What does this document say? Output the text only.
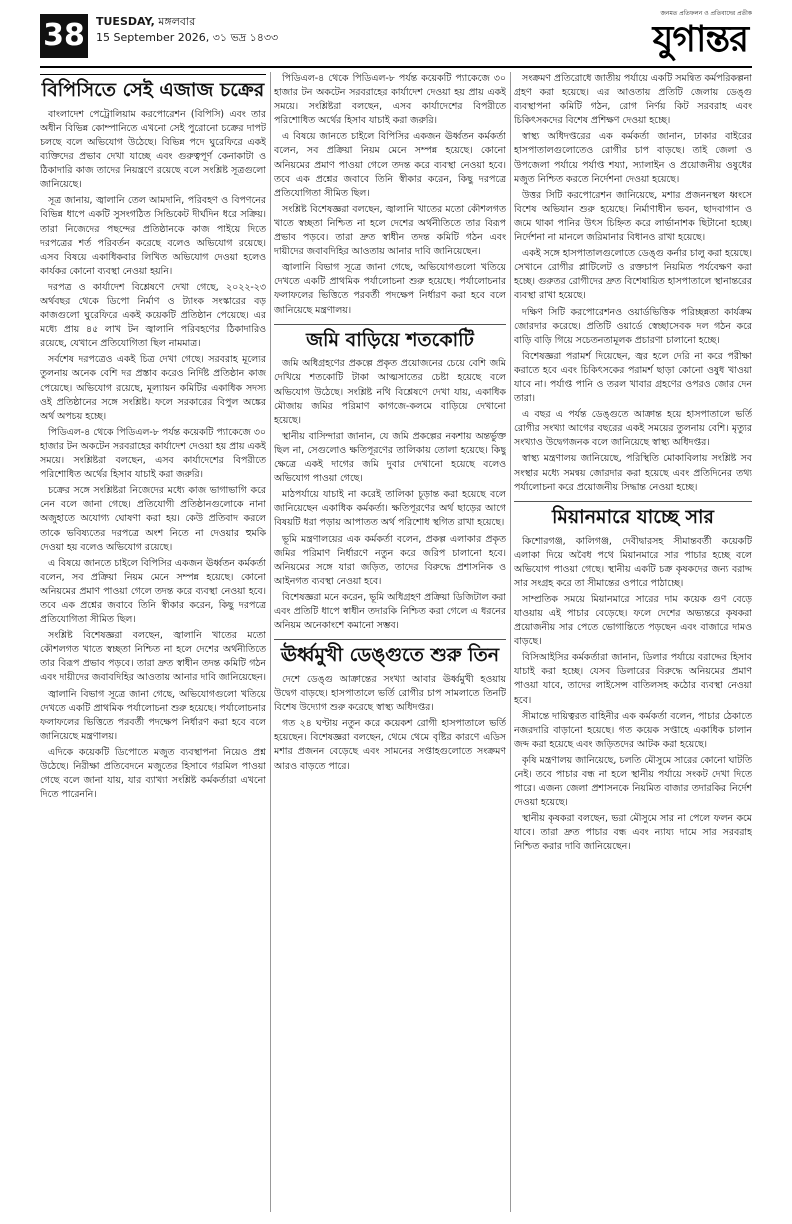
38 TUESDAY, মঙ্গলবার
15 September 2026, ৩১ ভদ্র ১৪৩৩
জনমত প্রতিফলন ও প্রতিবাদের প্রতীক
যুগান্তর
বিপিসিতে সেই এজাজ চক্রের

বাংলাদেশ পেট্রোলিয়াম করপোরেশন (বিপিসি) এবং তার অধীন বিভিন্ন কোম্পানিতে এখনো সেই পুরোনো চক্রের দাপট চলছে বলে অভিযোগ উঠেছে। বিভিন্ন পদে ঘুরেফিরে একই ব্যক্তিদের প্রভাব দেখা যাচ্ছে এবং গুরুত্বপূর্ণ কেনাকাটা ও ঠিকাদারি কাজ তাদের নিয়ন্ত্রণে রয়েছে বলে সংশ্লিষ্ট সূত্রগুলো জানিয়েছে।

সূত্র জানায়, জ্বালানি তেল আমদানি, পরিবহণ ও বিপণনের বিভিন্ন ধাপে একটি সুসংগঠিত সিন্ডিকেট দীর্ঘদিন ধরে সক্রিয়। তারা নিজেদের পছন্দের প্রতিষ্ঠানকে কাজ পাইয়ে দিতে দরপত্রের শর্ত পরিবর্তন করেছে বলেও অভিযোগ রয়েছে। এসব বিষয়ে একাধিকবার লিখিত অভিযোগ দেওয়া হলেও কার্যকর কোনো ব্যবস্থা নেওয়া হয়নি।

দরপত্র ও কার্যাদেশ বিশ্লেষণে দেখা গেছে, ২০২২-২৩ অর্থবছর থেকে ডিপো নির্মাণ ও ট্যাংক সংস্কারের বড় কাজগুলো ঘুরেফিরে একই কয়েকটি প্রতিষ্ঠান পেয়েছে। এর মধ্যে প্রায় ৪৫ লাখ টন জ্বালানি পরিবহণের ঠিকাদারিও রয়েছে, যেখানে প্রতিযোগিতা ছিল নামমাত্র।

সর্বশেষ দরপত্রেও একই চিত্র দেখা গেছে। সরবরাহ মূল্যের তুলনায় অনেক বেশি দর প্রস্তাব করেও নির্দিষ্ট প্রতিষ্ঠান কাজ পেয়েছে। অভিযোগ রয়েছে, মূল্যায়ন কমিটির একাধিক সদস্য ওই প্রতিষ্ঠানের সঙ্গে সংশ্লিষ্ট। ফলে সরকারের বিপুল অঙ্কের অর্থ অপচয় হচ্ছে।

পিডিএল-৪ থেকে পিডিএল-৮ পর্যন্ত কয়েকটি প্যাকেজে ৩০ হাজার টন অকটেন সরবরাহের কার্যাদেশ দেওয়া হয় প্রায় একই সময়ে। সংশ্লিষ্টরা বলছেন, এসব কার্যাদেশের বিপরীতে পরিশোধিত অর্থের হিসাব যাচাই করা জরুরি।

চক্রের সঙ্গে সংশ্লিষ্টরা নিজেদের মধ্যে কাজ ভাগাভাগি করে নেন বলে জানা গেছে। প্রতিযোগী প্রতিষ্ঠানগুলোকে নানা অজুহাতে অযোগ্য ঘোষণা করা হয়। কেউ প্রতিবাদ করলে তাকে ভবিষ্যতের দরপত্রে অংশ নিতে না দেওয়ার হুমকি দেওয়া হয় বলেও অভিযোগ রয়েছে।

এ বিষয়ে জানতে চাইলে বিপিসির একজন ঊর্ধ্বতন কর্মকর্তা বলেন, সব প্রক্রিয়া নিয়ম মেনে সম্পন্ন হয়েছে। কোনো অনিয়মের প্রমাণ পাওয়া গেলে তদন্ত করে ব্যবস্থা নেওয়া হবে। তবে এক প্রশ্নের জবাবে তিনি স্বীকার করেন, কিছু দরপত্রে প্রতিযোগিতা সীমিত ছিল।

সংশ্লিষ্ট বিশেষজ্ঞরা বলছেন, জ্বালানি খাতের মতো কৌশলগত খাতে স্বচ্ছতা নিশ্চিত না হলে দেশের অর্থনীতিতে তার বিরূপ প্রভাব পড়বে। তারা দ্রুত স্বাধীন তদন্ত কমিটি গঠন এবং দায়ীদের জবাবদিহির আওতায় আনার দাবি জানিয়েছেন।

জ্বালানি বিভাগ সূত্রে জানা গেছে, অভিযোগগুলো খতিয়ে দেখতে একটি প্রাথমিক পর্যালোচনা শুরু হয়েছে। পর্যালোচনার ফলাফলের ভিত্তিতে পরবর্তী পদক্ষেপ নির্ধারণ করা হবে বলে জানিয়েছে মন্ত্রণালয়।

এদিকে কয়েকটি ডিপোতে মজুত ব্যবস্থাপনা নিয়েও প্রশ্ন উঠেছে। নিরীক্ষা প্রতিবেদনে মজুতের হিসাবে গরমিল পাওয়া গেছে বলে জানা যায়, যার ব্যাখ্যা সংশ্লিষ্ট কর্মকর্তারা এখনো দিতে পারেননি।

পিডিএল-৪ থেকে পিডিএল-৮ পর্যন্ত কয়েকটি প্যাকেজে ৩০ হাজার টন অকটেন সরবরাহের কার্যাদেশ দেওয়া হয় প্রায় একই সময়ে। সংশ্লিষ্টরা বলছেন, এসব কার্যাদেশের বিপরীতে পরিশোধিত অর্থের হিসাব যাচাই করা জরুরি।

এ বিষয়ে জানতে চাইলে বিপিসির একজন ঊর্ধ্বতন কর্মকর্তা বলেন, সব প্রক্রিয়া নিয়ম মেনে সম্পন্ন হয়েছে। কোনো অনিয়মের প্রমাণ পাওয়া গেলে তদন্ত করে ব্যবস্থা নেওয়া হবে। তবে এক প্রশ্নের জবাবে তিনি স্বীকার করেন, কিছু দরপত্রে প্রতিযোগিতা সীমিত ছিল।

সংশ্লিষ্ট বিশেষজ্ঞরা বলছেন, জ্বালানি খাতের মতো কৌশলগত খাতে স্বচ্ছতা নিশ্চিত না হলে দেশের অর্থনীতিতে তার বিরূপ প্রভাব পড়বে। তারা দ্রুত স্বাধীন তদন্ত কমিটি গঠন এবং দায়ীদের জবাবদিহির আওতায় আনার দাবি জানিয়েছেন।

জ্বালানি বিভাগ সূত্রে জানা গেছে, অভিযোগগুলো খতিয়ে দেখতে একটি প্রাথমিক পর্যালোচনা শুরু হয়েছে। পর্যালোচনার ফলাফলের ভিত্তিতে পরবর্তী পদক্ষেপ নির্ধারণ করা হবে বলে জানিয়েছে মন্ত্রণালয়।

জমি বাড়িয়ে শতকোটি

জমি অধিগ্রহণের প্রকল্পে প্রকৃত প্রয়োজনের চেয়ে বেশি জমি দেখিয়ে শতকোটি টাকা আত্মসাতের চেষ্টা হয়েছে বলে অভিযোগ উঠেছে। সংশ্লিষ্ট নথি বিশ্লেষণে দেখা যায়, একাধিক মৌজায় জমির পরিমাণ কাগজে-কলমে বাড়িয়ে দেখানো হয়েছে।

স্থানীয় বাসিন্দারা জানান, যে জমি প্রকল্পের নকশায় অন্তর্ভুক্ত ছিল না, সেগুলোও ক্ষতিপূরণের তালিকায় তোলা হয়েছে। কিছু ক্ষেত্রে একই দাগের জমি দুবার দেখানো হয়েছে বলেও অভিযোগ পাওয়া গেছে।

মাঠপর্যায়ে যাচাই না করেই তালিকা চূড়ান্ত করা হয়েছে বলে জানিয়েছেন একাধিক কর্মকর্তা। ক্ষতিপূরণের অর্থ ছাড়ের আগে বিষয়টি ধরা পড়ায় আপাতত অর্থ পরিশোধ স্থগিত রাখা হয়েছে।

ভূমি মন্ত্রণালয়ের এক কর্মকর্তা বলেন, প্রকল্প এলাকার প্রকৃত জমির পরিমাণ নির্ধারণে নতুন করে জরিপ চালানো হবে। অনিয়মের সঙ্গে যারা জড়িত, তাদের বিরুদ্ধে প্রশাসনিক ও আইনগত ব্যবস্থা নেওয়া হবে।

বিশেষজ্ঞরা মনে করেন, ভূমি অধিগ্রহণ প্রক্রিয়া ডিজিটাল করা এবং প্রতিটি ধাপে স্বাধীন তদারকি নিশ্চিত করা গেলে এ ধরনের অনিয়ম অনেকাংশে কমানো সম্ভব।

ঊর্ধ্বমুখী ডেঙ্গুতে শুরু তিন

দেশে ডেঙ্গু আক্রান্তের সংখ্যা আবার ঊর্ধ্বমুখী হওয়ায় উদ্বেগ বাড়ছে। হাসপাতালে ভর্তি রোগীর চাপ সামলাতে তিনটি বিশেষ উদ্যোগ শুরু করেছে স্বাস্থ্য অধিদপ্তর।

গত ২৪ ঘণ্টায় নতুন করে কয়েকশ রোগী হাসপাতালে ভর্তি হয়েছেন। বিশেষজ্ঞরা বলছেন, থেমে থেমে বৃষ্টির কারণে এডিস মশার প্রজনন বেড়েছে এবং সামনের সপ্তাহগুলোতে সংক্রমণ আরও বাড়তে পারে।

সংক্রমণ প্রতিরোধে জাতীয় পর্যায়ে একটি সমন্বিত কর্মপরিকল্পনা গ্রহণ করা হয়েছে। এর আওতায় প্রতিটি জেলায় ডেঙ্গু ব্যবস্থাপনা কমিটি গঠন, রোগ নির্ণয় কিট সরবরাহ এবং চিকিৎসকদের বিশেষ প্রশিক্ষণ দেওয়া হচ্ছে।

স্বাস্থ্য অধিদপ্তরের এক কর্মকর্তা জানান, ঢাকার বাইরের হাসপাতালগুলোতেও রোগীর চাপ বাড়ছে। তাই জেলা ও উপজেলা পর্যায়ে পর্যাপ্ত শয্যা, স্যালাইন ও প্রয়োজনীয় ওষুধের মজুত নিশ্চিত করতে নির্দেশনা দেওয়া হয়েছে।

উত্তর সিটি করপোরেশন জানিয়েছে, মশার প্রজননস্থল ধ্বংসে বিশেষ অভিযান শুরু হয়েছে। নির্মাণাধীন ভবন, ছাদবাগান ও জমে থাকা পানির উৎস চিহ্নিত করে লার্ভানাশক ছিটানো হচ্ছে। নির্দেশনা না মানলে জরিমানার বিধানও রাখা হয়েছে।

একই সঙ্গে হাসপাতালগুলোতে ডেঙ্গু কর্নার চালু করা হয়েছে। সেখানে রোগীর প্লাটিলেট ও রক্তচাপ নিয়মিত পর্যবেক্ষণ করা হচ্ছে। গুরুতর রোগীদের দ্রুত বিশেষায়িত হাসপাতালে স্থানান্তরের ব্যবস্থা রাখা হয়েছে।

দক্ষিণ সিটি করপোরেশনও ওয়ার্ডভিত্তিক পরিচ্ছন্নতা কার্যক্রম জোরদার করেছে। প্রতিটি ওয়ার্ডে স্বেচ্ছাসেবক দল গঠন করে বাড়ি বাড়ি গিয়ে সচেতনতামূলক প্রচারণা চালানো হচ্ছে।

বিশেষজ্ঞরা পরামর্শ দিয়েছেন, জ্বর হলে দেরি না করে পরীক্ষা করাতে হবে এবং চিকিৎসকের পরামর্শ ছাড়া কোনো ওষুধ খাওয়া যাবে না। পর্যাপ্ত পানি ও তরল খাবার গ্রহণের ওপরও জোর দেন তারা।

এ বছর এ পর্যন্ত ডেঙ্গুতে আক্রান্ত হয়ে হাসপাতালে ভর্তি রোগীর সংখ্যা আগের বছরের একই সময়ের তুলনায় বেশি। মৃত্যুর সংখ্যাও উদ্বেগজনক বলে জানিয়েছে স্বাস্থ্য অধিদপ্তর।

স্বাস্থ্য মন্ত্রণালয় জানিয়েছে, পরিস্থিতি মোকাবিলায় সংশ্লিষ্ট সব সংস্থার মধ্যে সমন্বয় জোরদার করা হয়েছে এবং প্রতিদিনের তথ্য পর্যালোচনা করে প্রয়োজনীয় সিদ্ধান্ত নেওয়া হচ্ছে।

মিয়ানমারে যাচ্ছে সার

কিশোরগঞ্জ, কালিগঞ্জ, দেবীদ্বারসহ সীমান্তবর্তী কয়েকটি এলাকা দিয়ে অবৈধ পথে মিয়ানমারে সার পাচার হচ্ছে বলে অভিযোগ পাওয়া গেছে। স্থানীয় একটি চক্র কৃষকদের জন্য বরাদ্দ সার সংগ্রহ করে তা সীমান্তের ওপারে পাঠাচ্ছে।

সাম্প্রতিক সময়ে মিয়ানমারে সারের দাম কয়েক গুণ বেড়ে যাওয়ায় এই পাচার বেড়েছে। ফলে দেশের অভ্যন্তরে কৃষকরা প্রয়োজনীয় সার পেতে ভোগান্তিতে পড়ছেন এবং বাজারে দামও বাড়ছে।

বিসিআইসির কর্মকর্তারা জানান, ডিলার পর্যায়ে বরাদ্দের হিসাব যাচাই করা হচ্ছে। যেসব ডিলারের বিরুদ্ধে অনিয়মের প্রমাণ পাওয়া যাবে, তাদের লাইসেন্স বাতিলসহ কঠোর ব্যবস্থা নেওয়া হবে।

সীমান্তে দায়িত্বরত বাহিনীর এক কর্মকর্তা বলেন, পাচার ঠেকাতে নজরদারি বাড়ানো হয়েছে। গত কয়েক সপ্তাহে একাধিক চালান জব্দ করা হয়েছে এবং জড়িতদের আটক করা হয়েছে।

কৃষি মন্ত্রণালয় জানিয়েছে, চলতি মৌসুমে সারের কোনো ঘাটতি নেই। তবে পাচার বন্ধ না হলে স্থানীয় পর্যায়ে সংকট দেখা দিতে পারে। এজন্য জেলা প্রশাসনকে নিয়মিত বাজার তদারকির নির্দেশ দেওয়া হয়েছে।

স্থানীয় কৃষকরা বলছেন, ভরা মৌসুমে সার না পেলে ফলন কমে যাবে। তারা দ্রুত পাচার বন্ধ এবং ন্যায্য দামে সার সরবরাহ নিশ্চিত করার দাবি জানিয়েছেন।
